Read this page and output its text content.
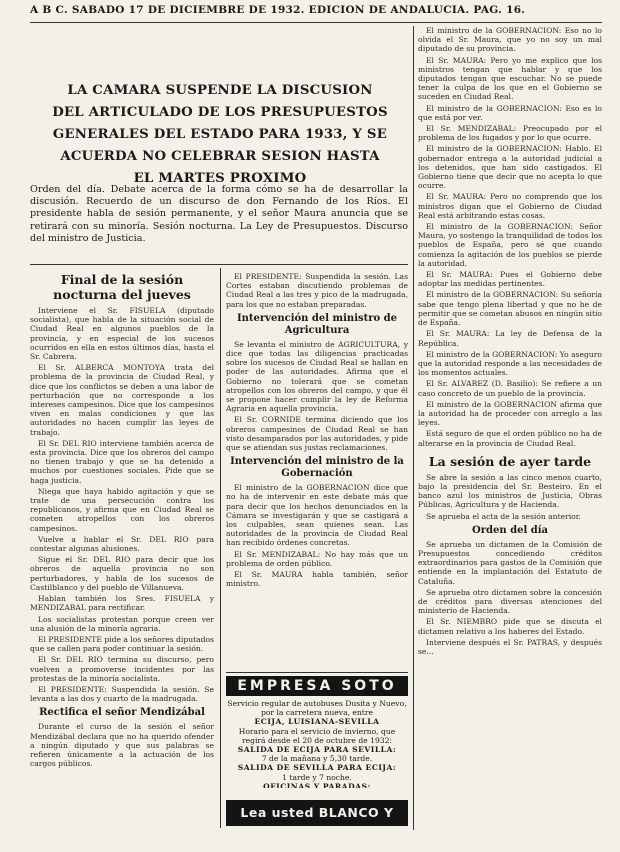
A B C. SABADO 17 DE DICIEMBRE DE 1932. EDICION DE ANDALUCIA. PAG. 16.
LA CAMARA SUSPENDE LA DISCUSION
DEL ARTICULADO DE LOS PRESUPUESTOS
GENERALES DEL ESTADO PARA 1933, Y SE
ACUERDA NO CELEBRAR SESION HASTA
EL MARTES PROXIMO
Orden del día. Debate acerca de la forma cómo se ha de desarrollar la discusión. Recuerdo de un discurso de don Fernando de los Ríos. El presidente habla de sesión permanente, y el señor Maura anuncia que se retirará con su minoría. Sesión nocturna. La Ley de Presupuestos. Discurso del ministro de Justicia.
Final de la sesión nocturna del jueves

Interviene el Sr. FISUELA (diputado socialista), que habla de la situación social de Ciudad Real en algunos pueblos de la provincia, y en especial de los sucesos ocurridos en ella en estos últimos días, hasta el Sr. Cabrera.

El Sr. ALBERCA MONTOYA trata del problema de la provincia de Ciudad Real, y dice que los conflictos se deben a una labor de perturbación que no corresponde a los intereses campesinos. Dice que los campesinos viven en malas condiciones y que las autoridades no hacen cumplir las leyes de trabajo.

El Sr. DEL RIO interviene también acerca de esta provincia. Dice que los obreros del campo no tienen trabajo y que se ha detenido a muchos por cuestiones sociales. Pide que se haga justicia.

Niega que haya habido agitación y que se trate de una persecución contra los republicanos, y afirma que en Ciudad Real se cometen atropellos con los obreros campesinos.

Vuelve a hablar el Sr. DEL RIO para contestar algunas alusiones.

Sigue el Sr. DEL RIO para decir que los obreros de aquella provincia no son perturbadores, y habla de los sucesos de Castilblanco y del pueblo de Villanueva.

Hablan también los Sres. FISUELA y MENDIZABAL para rectificar.

Los socialistas protestan porque creen ver una alusión de la minoría agraria.

El PRESIDENTE pide a los señores diputados que se callen para poder continuar la sesión.

El Sr. DEL RIO termina su discurso, pero vuelven a promoverse incidentes por las protestas de la minoría socialista.

El PRESIDENTE: Suspendida la sesión. Se levanta a las dos y cuarto de la madrugada.

Rectifica el señor Mendizábal

Durante el curso de la sesión el señor Mendizábal declara que no ha querido ofender a ningún diputado y que sus palabras se refieren únicamente a la actuación de los cargos públicos.

El PRESIDENTE: Suspendida la sesión. Las Cortes estaban discutiendo problemas de Ciudad Real a las tres y pico de la madrugada, para los que no estaban preparadas.

Intervención del ministro de Agricultura

Se levanta el ministro de AGRICULTURA, y dice que todas las diligencias practicadas sobre los sucesos de Ciudad Real se hallan en poder de las autoridades. Afirma que el Gobierno no tolerará que se cometan atropellos con los obreros del campo, y que él se propone hacer cumplir la ley de Reforma Agraria en aquella provincia.

El Sr. CORNIDE termina diciendo que los obreros campesinos de Ciudad Real se han visto desamparados por las autoridades, y pide que se atiendan sus justas reclamaciones.

Intervención del ministro de la Gobernación

El ministro de la GOBERNACION dice que no ha de intervenir en este debate más que para decir que los hechos denunciados en la Cámara se investigarán y que se castigará a los culpables, sean quienes sean. Las autoridades de la provincia de Ciudad Real han recibido órdenes concretas.

El Sr. MENDIZABAL: No hay más que un problema de orden público.

El Sr. MAURA habla también, señor ministro.

EMPRESA SOTO

Servicio regular de autobuses Dusita y Nuevo, por la carretera nueva, entre

ECIJA, LUISIANA-SEVILLA

Horario para el servicio de invierno, que regirá desde el 20 de octubre de 1932:

SALIDA DE ECIJA PARA SEVILLA:

7 de la mañana y 5,30 tarde.

SALIDA DE SEVILLA PARA ECIJA:

1 tarde y 7 noche.

OFICINAS Y PARADAS:

Lea usted BLANCO Y NEGRO

El ministro de la GOBERNACION: Eso no lo olvida el Sr. Maura, que yo no soy un mal diputado de su provincia.

El Sr. MAURA: Pero yo me explico que los ministros tengan que hablar y que los diputados tengan que escuchar. No se puede tener la culpa de los que en el Gobierno se suceden en Ciudad Real.

El ministro de la GOBERNACION: Eso es lo que está por ver.

El Sr. MENDIZABAL: Preocupado por el problema de los fugados y por lo que ocurre.

El ministro de la GOBERNACION: Hablo. El gobernador entrega a la autoridad judicial a los detenidos, que han sido castigados. El Gobierno tiene que decir que no acepta lo que ocurre.

El Sr. MAURA: Pero no comprendo que los ministros digan que el Gobierno de Ciudad Real está arbitrando estas cosas.

El ministro de la GOBERNACION: Señor Maura, yo sostengo la tranquilidad de todos los pueblos de España, pero sé que cuando comienza la agitación de los pueblos se pierde la autoridad.

El Sr. MAURA: Pues el Gobierno debe adoptar las medidas pertinentes.

El ministro de la GOBERNACION: Su señoría sabe que tengo plena libertad y que no he de permitir que se cometan abusos en ningún sitio de España.

El Sr. MAURA: La ley de Defensa de la República.

El ministro de la GOBERNACION: Yo aseguro que la autoridad responde a las necesidades de los momentos actuales.

El Sr. ALVAREZ (D. Basilio): Se refiere a un caso concreto de un pueblo de la provincia.

El ministro de la GOBERNACION afirma que la autoridad ha de proceder con arreglo a las leyes.

Está seguro de que el orden público no ha de alterarse en la provincia de Ciudad Real.

La sesión de ayer tarde

Se abre la sesión a las cinco menos cuarto, bajo la presidencia del Sr. Besteiro. En el banco azul los ministros de Justicia, Obras Públicas, Agricultura y de Hacienda.

Se aprueba el acta de la sesión anterior.

Orden del día

Se aprueba un dictamen de la Comisión de Presupuestos concediendo créditos extraordinarios para gastos de la Comisión que entiende en la implantación del Estatuto de Cataluña.

Se aprueba otro dictamen sobre la concesión de créditos para diversas atenciones del ministerio de Hacienda.

El Sr. NIEMBRO pide que se discuta el dictamen relativo a los haberes del Estado.

Interviene después el Sr. PATRAS, y después se...
